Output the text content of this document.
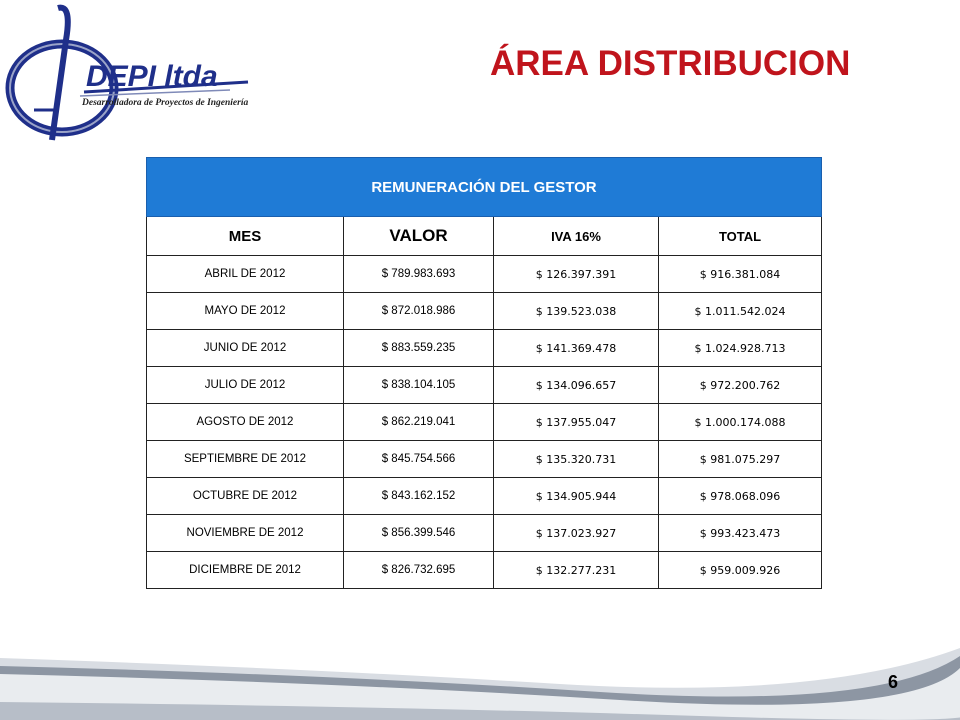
DEPI ltda
Desarrolladora de Proyectos de Ingeniería
ÁREA DISTRIBUCION
REMUNERACIÓN DEL GESTOR			
MES	VALOR	IVA 16%	TOTAL
ABRIL DE 2012	$ 789.983.693	$ 126.397.391	$ 916.381.084
MAYO DE 2012	$ 872.018.986	$ 139.523.038	$ 1.011.542.024
JUNIO DE 2012	$ 883.559.235	$ 141.369.478	$ 1.024.928.713
JULIO DE 2012	$ 838.104.105	$ 134.096.657	$ 972.200.762
AGOSTO DE 2012	$ 862.219.041	$ 137.955.047	$ 1.000.174.088
SEPTIEMBRE DE 2012	$ 845.754.566	$ 135.320.731	$ 981.075.297
OCTUBRE DE 2012	$ 843.162.152	$ 134.905.944	$ 978.068.096
NOVIEMBRE DE 2012	$ 856.399.546	$ 137.023.927	$ 993.423.473
DICIEMBRE DE 2012	$ 826.732.695	$ 132.277.231	$ 959.009.926
6
